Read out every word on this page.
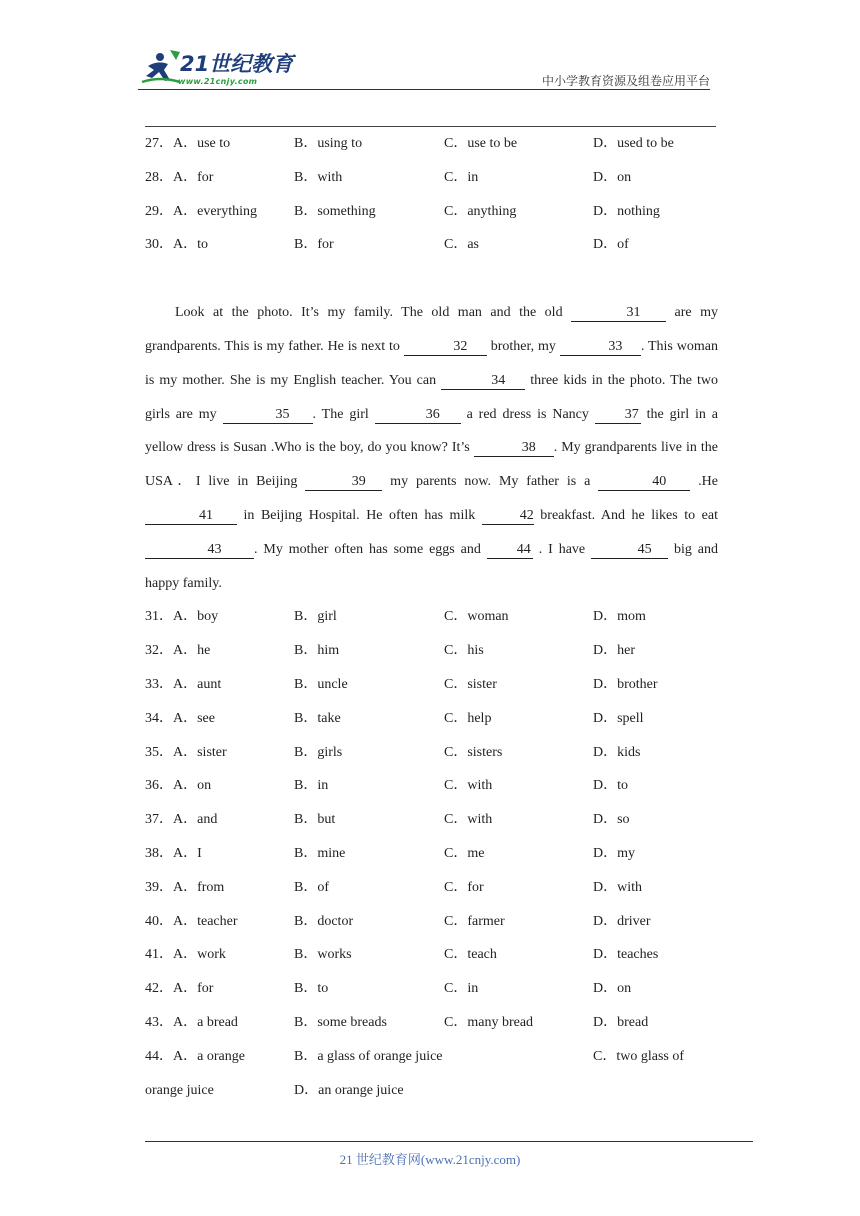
21世纪教育
www.21cnjy.com	中小学教育资源及组卷应用平台
27．A．use to	B．using to	C．use to be	D．used to be
28．A．for	B．with	C．in	D．on
29．A．everything	B．something	C．anything	D．nothing
30．A．to	B．for	C．as	D．of

Look at the photo. It’s my family. The old man and the old	31 are my grandparents. This is my father. He is next to	32 brother, my	33 . This woman is my mother. She is my English teacher. You can	34 three kids in the photo. The two girls are my	35 . The girl	36 a red dress is Nancy 37 the girl in a yellow dress is Susan .Who is the boy, do you know? It’s	38 . My grandparents live in the USA．I live in Beijing	39 my parents now. My father is a	40 .He 41 in Beijing Hospital. He often has milk	42 breakfast. And he likes to eat 43 . My mother often has some eggs and 44 . I have	45 big and happy family.

31．A．boy	B．girl	C．woman	D．mom
32．A．he	B．him	C．his	D．her
33．A．aunt	B．uncle	C．sister	D．brother
34．A．see	B．take	C．help	D．spell
35．A．sister	B．girls	C．sisters	D．kids
36．A．on	B．in	C．with	D．to
37．A．and	B．but	C．with	D．so
38．A．I	B．mine	C．me	D．my
39．A．from	B．of	C．for	D．with
40．A．teacher	B．doctor	C．farmer	D．driver
41．A．work	B．works	C．teach	D．teaches
42．A．for	B．to	C．in	D．on
43．A．a bread	B．some breads	C．many bread	D．bread
44．A．a orange	B．a glass of orange juice	C．two glass of
orange juice	D．an orange juice
21 世纪教育网(www.21cnjy.com)
